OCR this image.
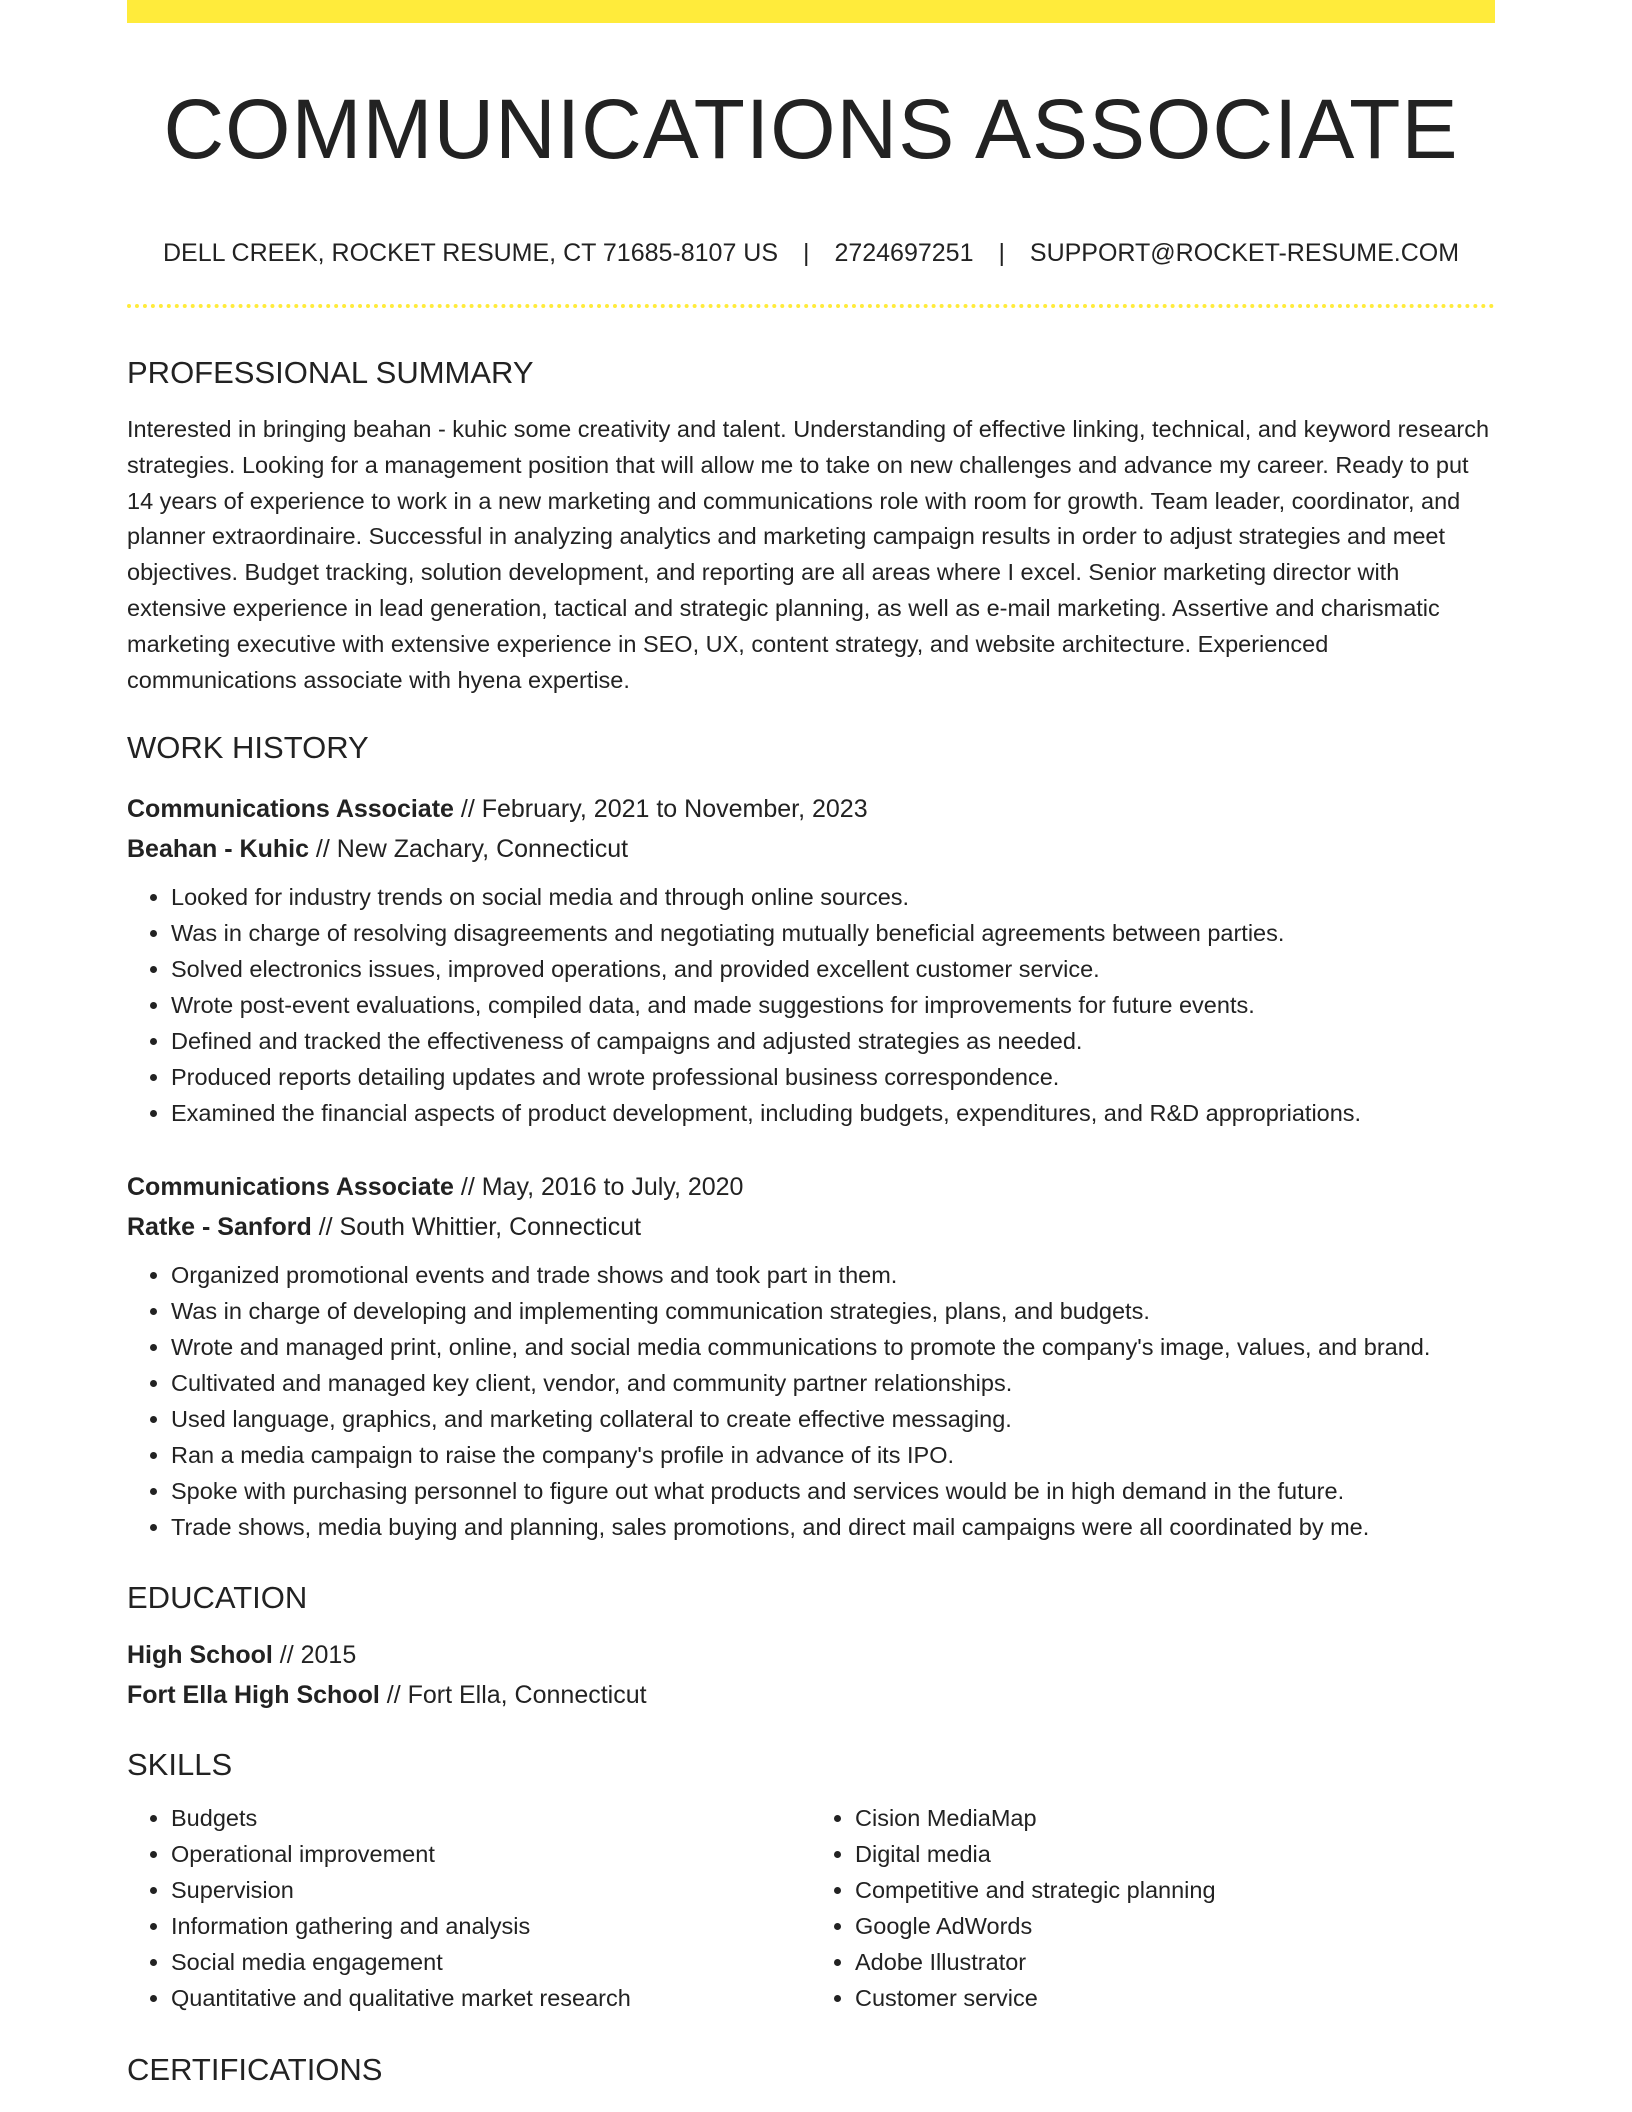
COMMUNICATIONS ASSOCIATE
DELL CREEK, ROCKET RESUME, CT 71685-8107 US | 2724697251 | SUPPORT@ROCKET-RESUME.COM
PROFESSIONAL SUMMARY

Interested in bringing beahan - kuhic some creativity and talent. Understanding of effective linking, technical, and keyword research strategies. Looking for a management position that will allow me to take on new challenges and advance my career. Ready to put 14 years of experience to work in a new marketing and communications role with room for growth. Team leader, coordinator, and planner extraordinaire. Successful in analyzing analytics and marketing campaign results in order to adjust strategies and meet objectives. Budget tracking, solution development, and reporting are all areas where I excel. Senior marketing director with extensive experience in lead generation, tactical and strategic planning, as well as e-mail marketing. Assertive and charismatic marketing executive with extensive experience in SEO, UX, content strategy, and website architecture. Experienced communications associate with hyena expertise.

WORK HISTORY
Communications Associate // February, 2021 to November, 2023
Beahan - Kuhic // New Zachary, Connecticut
• Looked for industry trends on social media and through online sources.
• Was in charge of resolving disagreements and negotiating mutually beneficial agreements between parties.
• Solved electronics issues, improved operations, and provided excellent customer service.
• Wrote post-event evaluations, compiled data, and made suggestions for improvements for future events.
• Defined and tracked the effectiveness of campaigns and adjusted strategies as needed.
• Produced reports detailing updates and wrote professional business correspondence.
• Examined the financial aspects of product development, including budgets, expenditures, and R&D appropriations.
Communications Associate // May, 2016 to July, 2020
Ratke - Sanford // South Whittier, Connecticut
• Organized promotional events and trade shows and took part in them.
• Was in charge of developing and implementing communication strategies, plans, and budgets.
• Wrote and managed print, online, and social media communications to promote the company's image, values, and brand.
• Cultivated and managed key client, vendor, and community partner relationships.
• Used language, graphics, and marketing collateral to create effective messaging.
• Ran a media campaign to raise the company's profile in advance of its IPO.
• Spoke with purchasing personnel to figure out what products and services would be in high demand in the future.
• Trade shows, media buying and planning, sales promotions, and direct mail campaigns were all coordinated by me.
EDUCATION
High School // 2015
Fort Ella High School // Fort Ella, Connecticut
SKILLS
• Budgets
• Operational improvement
• Supervision
• Information gathering and analysis
• Social media engagement
• Quantitative and qualitative market research
• Cision MediaMap
• Digital media
• Competitive and strategic planning
• Google AdWords
• Adobe Illustrator
• Customer service
CERTIFICATIONS
